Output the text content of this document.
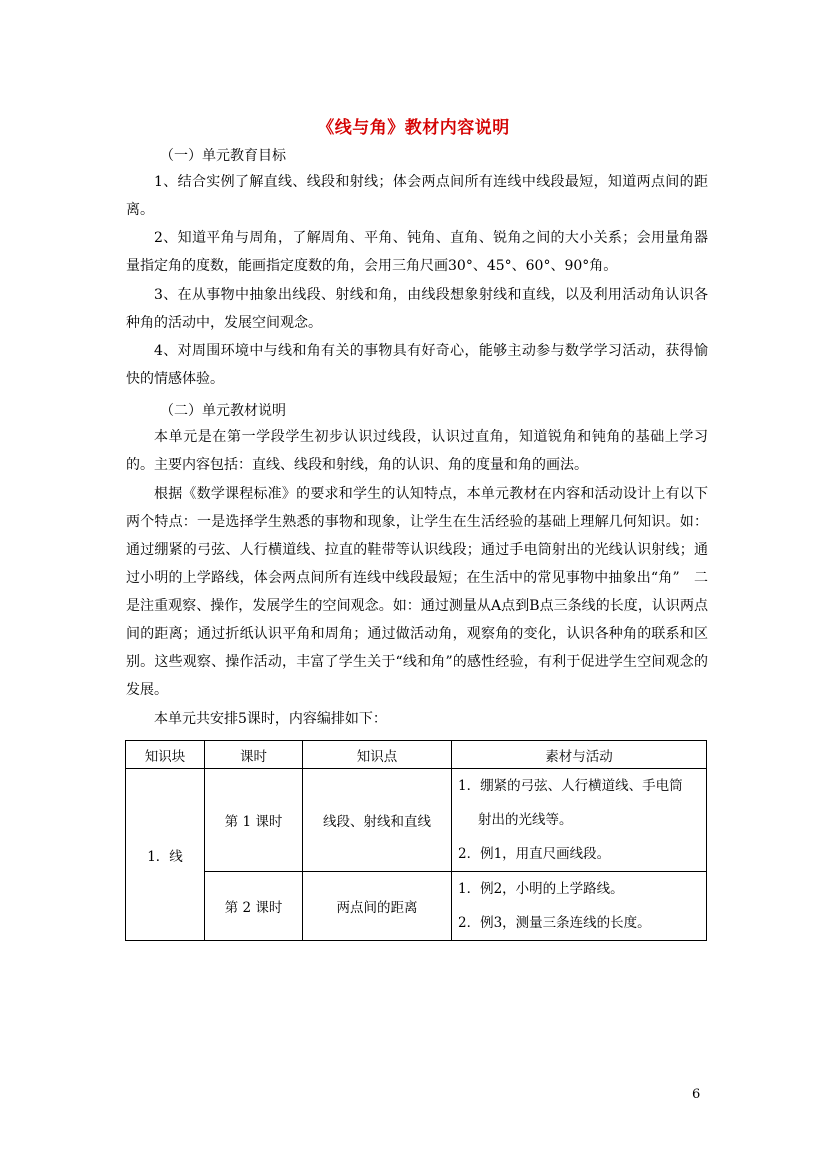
《线与角》教材内容说明
（一）单元教育目标
1、结合实例了解直线、线段和射线；体会两点间所有连线中线段最短，知道两点间的距离。
2、知道平角与周角，了解周角、平角、钝角、直角、锐角之间的大小关系；会用量角器量指定角的度数，能画指定度数的角，会用三角尺画30°、45°、60°、90°角。
3、在从事物中抽象出线段、射线和角，由线段想象射线和直线，以及利用活动角认识各种角的活动中，发展空间观念。
4、对周围环境中与线和角有关的事物具有好奇心，能够主动参与数学学习活动，获得愉快的情感体验。
（二）单元教材说明
本单元是在第一学段学生初步认识过线段，认识过直角，知道锐角和钝角的基础上学习的。主要内容包括：直线、线段和射线，角的认识、角的度量和角的画法。
根据《数学课程标准》的要求和学生的认知特点，本单元教材在内容和活动设计上有以下两个特点：一是选择学生熟悉的事物和现象，让学生在生活经验的基础上理解几何知识。如：通过绷紧的弓弦、人行横道线、拉直的鞋带等认识线段；通过手电筒射出的光线认识射线；通过小明的上学路线，体会两点间所有连线中线段最短；在生活中的常见事物中抽象出“角”　二是注重观察、操作，发展学生的空间观念。如：通过测量从A点到B点三条线的长度，认识两点间的距离；通过折纸认识平角和周角；通过做活动角，观察角的变化，认识各种角的联系和区别。这些观察、操作活动，丰富了学生关于“线和角”的感性经验，有利于促进学生空间观念的发展。
本单元共安排5课时，内容编排如下：
知识块	课时	知识点	素材与活动
1．线	第 1 课时	线段、射线和直线	1．绷紧的弓弦、人行横道线、手电筒
射出的光线等。
2．例1，用直尺画线段。

	第 2 课时	两点间的距离	1．例2，小明的上学路线。
2．例3，测量三条连线的长度。
6
